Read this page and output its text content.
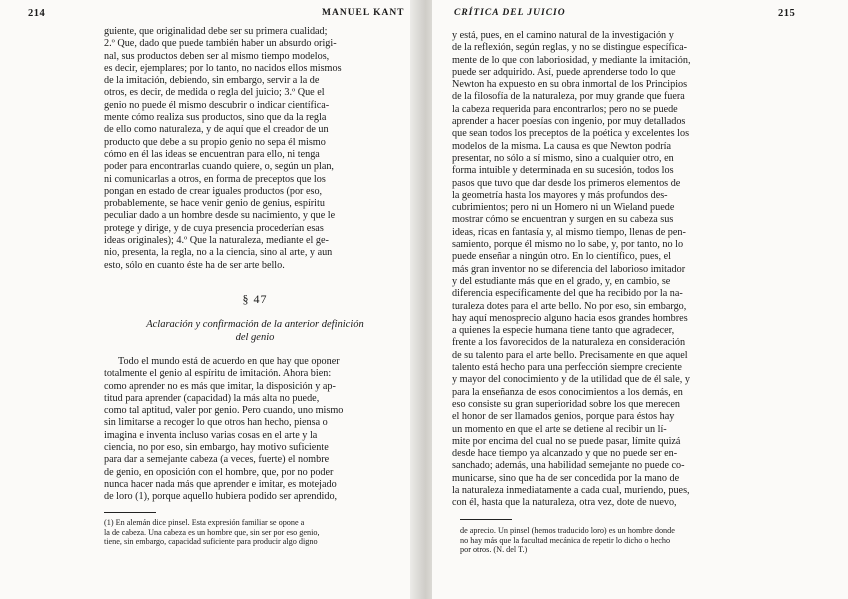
214	MANUEL KANT

guiente, que originalidad debe ser su primera cualidad;

2.º Que, dado que puede también haber un absurdo origi-

nal, sus productos deben ser al mismo tiempo modelos,

es decir, ejemplares; por lo tanto, no nacidos ellos mismos

de la imitación, debiendo, sin embargo, servir a la de

otros, es decir, de medida o regla del juicio; 3.º Que el

genio no puede él mismo descubrir o indicar científica-

mente cómo realiza sus productos, sino que da la regla

de ello como naturaleza, y de aquí que el creador de un

producto que debe a su propio genio no sepa él mismo

cómo en él las ideas se encuentran para ello, ni tenga

poder para encontrarlas cuando quiere, o, según un plan,

ni comunicarlas a otros, en forma de preceptos que los

pongan en estado de crear iguales productos (por eso,

probablemente, se hace venir genio de genius, espíritu

peculiar dado a un hombre desde su nacimiento, y que le

protege y dirige, y de cuya presencia procederían esas

ideas originales); 4.º Que la naturaleza, mediante el ge-

nio, presenta, la regla, no a la ciencia, sino al arte, y aun

esto, sólo en cuanto éste ha de ser arte bello.

§ 47
Aclaración y confirmación de la anterior definición
del genio

Todo el mundo está de acuerdo en que hay que oponer

totalmente el genio al espíritu de imitación. Ahora bien:

como aprender no es más que imitar, la disposición y ap-

titud para aprender (capacidad) la más alta no puede,

como tal aptitud, valer por genio. Pero cuando, uno mismo

sin limitarse a recoger lo que otros han hecho, piensa o

imagina e inventa incluso varias cosas en el arte y la

ciencia, no por eso, sin embargo, hay motivo suficiente

para dar a semejante cabeza (a veces, fuerte) el nombre

de genio, en oposición con el hombre, que, por no poder

nunca hacer nada más que aprender e imitar, es motejado

de loro (1), porque aquello hubiera podido ser aprendido,

(1) En alemán dice pinsel. Esta expresión familiar se opone a

la de cabeza. Una cabeza es un hombre que, sin ser por eso genio,

tiene, sin embargo, capacidad suficiente para producir algo digno

CRÍTICA DEL JUICIO	215

y está, pues, en el camino natural de la investigación y

de la reflexión, según reglas, y no se distingue específica-

mente de lo que con laboriosidad, y mediante la imitación,

puede ser adquirido. Así, puede aprenderse todo lo que

Newton ha expuesto en su obra inmortal de los Principios

de la filosofía de la naturaleza, por muy grande que fuera

la cabeza requerida para encontrarlos; pero no se puede

aprender a hacer poesías con ingenio, por muy detallados

que sean todos los preceptos de la poética y excelentes los

modelos de la misma. La causa es que Newton podría

presentar, no sólo a sí mismo, sino a cualquier otro, en

forma intuible y determinada en su sucesión, todos los

pasos que tuvo que dar desde los primeros elementos de

la geometría hasta los mayores y más profundos des-

cubrimientos; pero ni un Homero ni un Wieland puede

mostrar cómo se encuentran y surgen en su cabeza sus

ideas, ricas en fantasía y, al mismo tiempo, llenas de pen-

samiento, porque él mismo no lo sabe, y, por tanto, no lo

puede enseñar a ningún otro. En lo científico, pues, el

más gran inventor no se diferencia del laborioso imitador

y del estudiante más que en el grado, y, en cambio, se

diferencia específicamente del que ha recibido por la na-

turaleza dotes para el arte bello. No por eso, sin embargo,

hay aquí menosprecio alguno hacia esos grandes hombres

a quienes la especie humana tiene tanto que agradecer,

frente a los favorecidos de la naturaleza en consideración

de su talento para el arte bello. Precisamente en que aquel

talento está hecho para una perfección siempre creciente

y mayor del conocimiento y de la utilidad que de él sale, y

para la enseñanza de esos conocimientos a los demás, en

eso consiste su gran superioridad sobre los que merecen

el honor de ser llamados genios, porque para éstos hay

un momento en que el arte se detiene al recibir un lí-

mite por encima del cual no se puede pasar, límite quizá

desde hace tiempo ya alcanzado y que no puede ser en-

sanchado; además, una habilidad semejante no puede co-

municarse, sino que ha de ser concedida por la mano de

la naturaleza inmediatamente a cada cual, muriendo, pues,

con él, hasta que la naturaleza, otra vez, dote de nuevo,

de aprecio. Un pinsel (hemos traducido loro) es un hombre donde

no hay más que la facultad mecánica de repetir lo dicho o hecho

por otros. (N. del T.)
